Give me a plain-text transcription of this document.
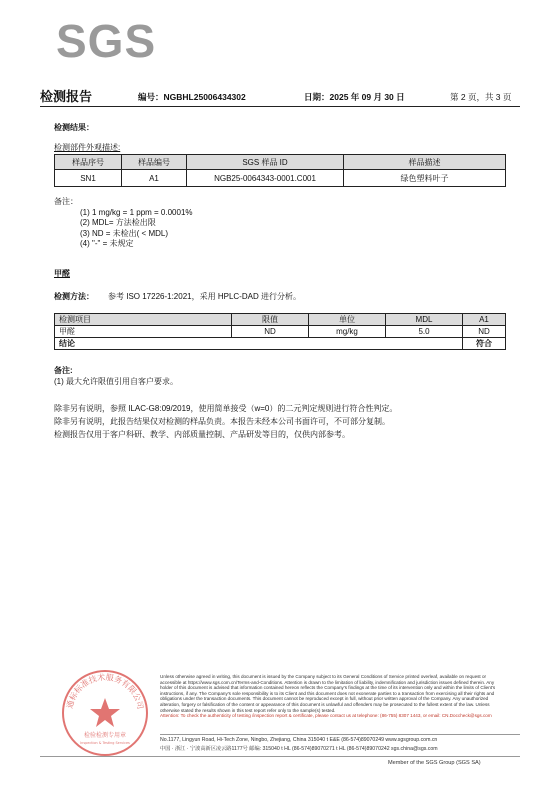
SGS
检测报告	编号：NGBHL25006434302	日期：2025 年 09 月 30 日	第 2 页，共 3 页
检测结果：
检测部件外观描述:
样品序号	样品编号	SGS 样品 ID	样品描述
SN1	A1	NGB25-0064343-0001.C001	绿色塑料叶子
备注：
(1) 1 mg/kg = 1 ppm = 0.0001%
(2) MDL= 方法检出限
(3) ND = 未检出( < MDL)
(4) "-" = 未规定
甲醛
检测方法： 参考 ISO 17226-1:2021，采用 HPLC-DAD 进行分析。
检测项目	限值	单位	MDL	A1
甲醛	ND	mg/kg	5.0	ND
结论				符合
备注:
(1) 最大允许限值引用自客户要求。
除非另有说明，参照 ILAC-G8:09/2019，使用简单接受（w=0）的二元判定规则进行符合性判定。
除非另有说明，此报告结果仅对检测的样品负责。本报告未经本公司书面许可，不可部分复制。
检测报告仅用于客户科研、教学、内部质量控制、产品研发等目的，仅供内部参考。
通标标准技术服务有限公司
检验检测专用章
Inspection & Testing Services
Unless otherwise agreed in writing, this document is issued by the Company subject to its General Conditions of Service printed overleaf, available on request or accessible at https://www.sgs.com.cn/Terms-and-Conditions. Attention is drawn to the limitation of liability, indemnification and jurisdiction issues defined therein. Any holder of this document is advised that information contained hereon reflects the Company's findings at the time of its intervention only and within the limits of Client's instructions, if any. The Company's sole responsibility is to its Client and this document does not exonerate parties to a transaction from exercising all their rights and obligations under the transaction documents. This document cannot be reproduced except in full, without prior written approval of the Company. Any unauthorized alteration, forgery or falsification of the content or appearance of this document is unlawful and offenders may be prosecuted to the fullest extent of the law. Unless otherwise stated the results shown in this test report refer only to the sample(s) tested.
Attention: To check the authenticity of testing /inspection report & certificate, please contact us at telephone: (86-755) 8307 1443, or email: CN.Doccheck@sgs.com
No.1177, Lingyun Road, Hi-Tech Zone, Ningbo, Zhejiang, China 315040 t E&E (86-574)89070249 www.sgsgroup.com.cn
中国 · 浙江 · 宁波高新区凌云路1177号 邮编: 315040 t HL (86-574)89070271 t HL (86-574)89070242 sgs.china@sgs.com
Member of the SGS Group (SGS SA)
